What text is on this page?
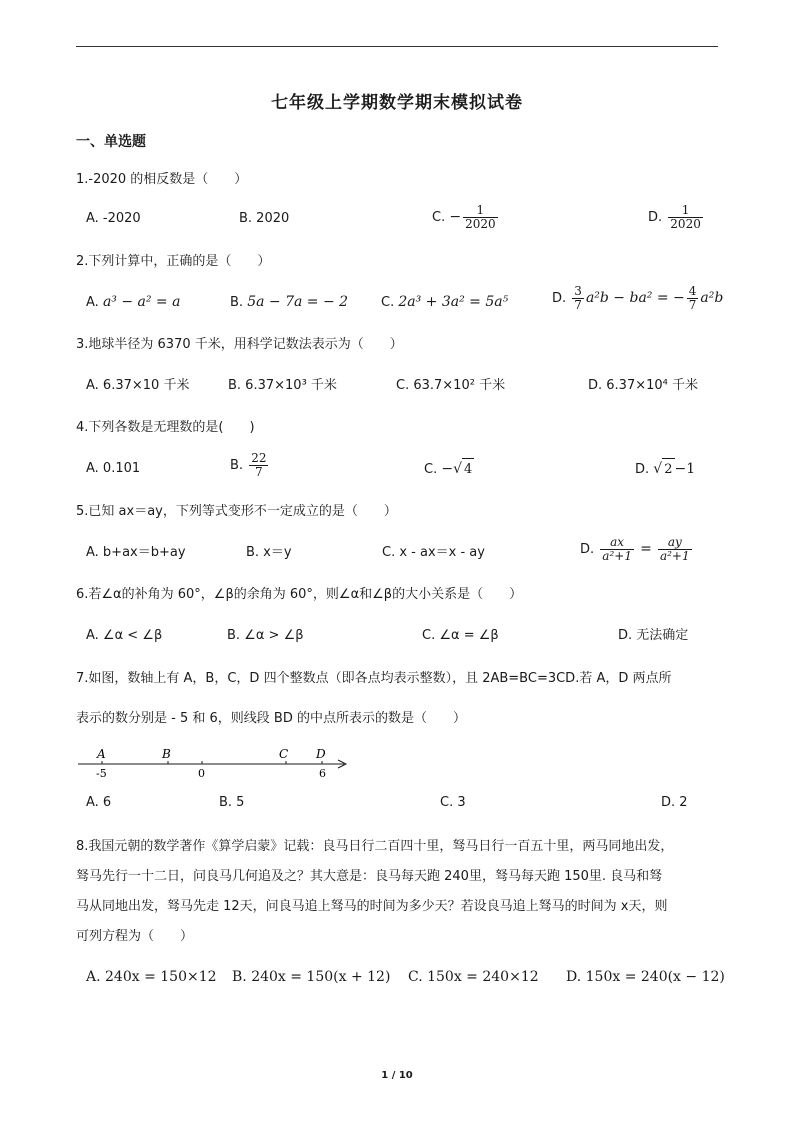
七年级上学期数学期末模拟试卷
一、单选题
1.-2020 的相反数是（　　）
A. -2020	B. 2020	C. − $\frac{1}{2020}$	D. $\frac{1}{2020}$
2.下列计算中，正确的是（　　）
A. a³ − a² = a	B. 5a − 7a = − 2	C. 2a³ + 3a² = 5a⁵	D. $\frac{3}{7} a^2b - ba^2$ = − $\frac{4}{7} a^2b$
3.地球半径为 6370 千米，用科学记数法表示为（　　）
A. 6.37×10 千米	B. 6.37×10³ 千米	C. 63.7×10² 千米	D. 6.37×10⁴ 千米
4.下列各数是无理数的是(　　)
A. 0.101	B. $\frac{22}{7}$	C. −√ 4	D. √ 2 −1
5.已知 ax＝ay，下列等式变形不一定成立的是（　　）
A. b+ax＝b+ay	B. x＝y	C. x - ax＝x - ay	D. $\frac{ax}{\text{a²+1}} = \frac{ay}{\text{a²+1}}$
6.若∠α的补角为 60°，∠β的余角为 60°，则∠α和∠β的大小关系是（　　）
A. ∠α < ∠β	B. ∠α > ∠β	C. ∠α = ∠β	D. 无法确定
7.如图，数轴上有 A，B，C，D 四个整数点（即各点均表示整数），且 2AB=BC=3CD.若 A，D 两点所
表示的数分别是 - 5 和 6，则线段 BD 的中点所表示的数是（　　）
A	B	C D
-5	0	6
A. 6	B. 5	C. 3	D. 2
8.我国元朝的数学著作《算学启蒙》记载：良马日行二百四十里，驽马日行一百五十里，两马同地出发，
驽马先行一十二日，问良马几何追及之？其大意是：良马每天跑 240里，驽马每天跑 150里. 良马和驽
马从同地出发，驽马先走 12天，问良马追上驽马的时间为多少天？若设良马追上驽马的时间为 x天，则
可列方程为（　　）
A. 240x = 150×12 B. 240x = 150(x + 12) C. 150x = 240×12 D. 150x = 240(x − 12)
1 / 10
